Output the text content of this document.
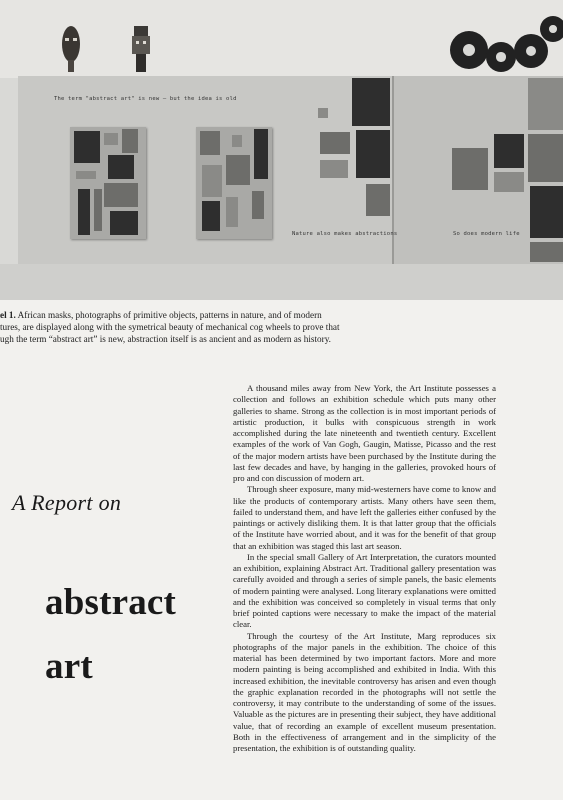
The term "abstract art" is new — but the idea is old
Nature also makes abstractions	So does modern life
el 1. African masks, photographs of primitive objects, patterns in nature, and of modern
tures, are displayed along with the symetrical beauty of mechanical cog wheels to prove that
ugh the term “abstract art” is new, abstraction itself is as ancient and as modern as history.
A Report on
abstract
art

A thousand miles away from New York, the Art Institute possesses a collection and follows an exhibition schedule which puts many other galleries to shame. Strong as the collection is in most important periods of artistic production, it bulks with conspicuous strength in work accomplished during the late nineteenth and twentieth century. Excellent examples of the work of Van Gogh, Gaugin, Matisse, Picasso and the rest of the major modern artists have been purchased by the Institute during the last few decades and have, by hanging in the galleries, provoked hours of pro and con discussion of modern art.

Through sheer exposure, many mid-westerners have come to know and like the products of contemporary artists. Many others have seen them, failed to understand them, and have left the galleries either confused by the paintings or actively disliking them. It is that latter group that the officials of the Institute have worried about, and it was for the benefit of that group that an exhibition was staged this last art season.

In the special small Gallery of Art Interpretation, the curators mounted an exhibition, explaining Abstract Art. Traditional gallery presentation was carefully avoided and through a series of simple panels, the basic elements of modern painting were analysed. Long literary explanations were omitted and the exhibition was conceived so completely in visual terms that only brief pointed captions were necessary to make the impact of the material clear.

Through the courtesy of the Art Institute, Marg reproduces six photographs of the major panels in the exhibition. The choice of this material has been determined by two important factors. More and more modern painting is being accomplished and exhibited in India. With this increased exhibition, the inevitable controversy has arisen and even though the graphic explanation recorded in the photographs will not settle the controversy, it may contribute to the understanding of some of the issues. Valuable as the pictures are in presenting their subject, they have additional value, that of recording an example of excellent museum presentation. Both in the effectiveness of arrangement and in the simplicity of the presentation, the exhibition is of outstanding quality.
